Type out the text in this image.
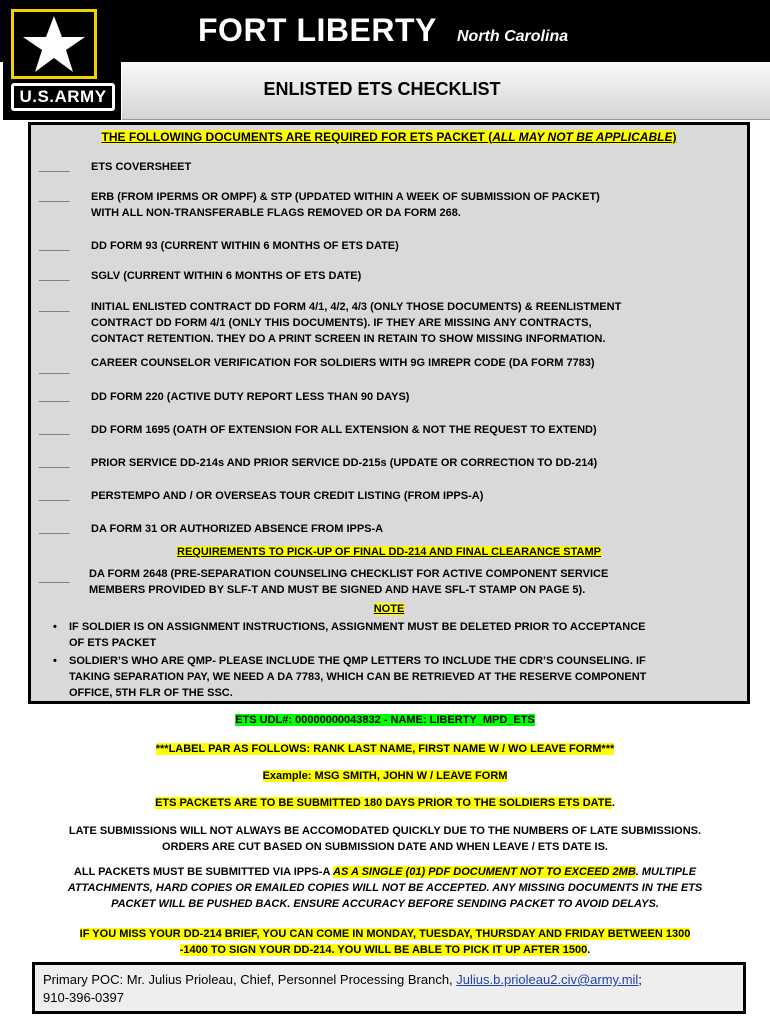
U.S.ARMY
FORT LIBERTY North Carolina
ENLISTED ETS CHECKLIST
THE FOLLOWING DOCUMENTS ARE REQUIRED FOR ETS PACKET (ALL MAY NOT BE APPLICABLE)
_____ ETS COVERSHEET
_____ ERB (FROM IPERMS OR OMPF) & STP (UPDATED WITHIN A WEEK OF SUBMISSION OF PACKET)
WITH ALL NON-TRANSFERABLE FLAGS REMOVED OR DA FORM 268.
_____ DD FORM 93 (CURRENT WITHIN 6 MONTHS OF ETS DATE)
_____ SGLV (CURRENT WITHIN 6 MONTHS OF ETS DATE)
_____ INITIAL ENLISTED CONTRACT DD FORM 4/1, 4/2, 4/3 (ONLY THOSE DOCUMENTS) & REENLISTMENT
CONTRACT DD FORM 4/1 (ONLY THIS DOCUMENTS). IF THEY ARE MISSING ANY CONTRACTS,
CONTACT RETENTION. THEY DO A PRINT SCREEN IN RETAIN TO SHOW MISSING INFORMATION.
_____ CAREER COUNSELOR VERIFICATION FOR SOLDIERS WITH 9G IMREPR CODE (DA FORM 7783)
_____ DD FORM 220 (ACTIVE DUTY REPORT LESS THAN 90 DAYS)
_____ DD FORM 1695 (OATH OF EXTENSION FOR ALL EXTENSION & NOT THE REQUEST TO EXTEND)
_____ PRIOR SERVICE DD-214s AND PRIOR SERVICE DD-215s (UPDATE OR CORRECTION TO DD-214)
_____ PERSTEMPO AND / OR OVERSEAS TOUR CREDIT LISTING (FROM IPPS-A)
_____ DA FORM 31 OR AUTHORIZED ABSENCE FROM IPPS-A
REQUIREMENTS TO PICK-UP OF FINAL DD-214 AND FINAL CLEARANCE STAMP
_____ DA FORM 2648 (PRE-SEPARATION COUNSELING CHECKLIST FOR ACTIVE COMPONENT SERVICE
MEMBERS PROVIDED BY SLF-T AND MUST BE SIGNED AND HAVE SFL-T STAMP ON PAGE 5).
NOTE
• IF SOLDIER IS ON ASSIGNMENT INSTRUCTIONS, ASSIGNMENT MUST BE DELETED PRIOR TO ACCEPTANCE
OF ETS PACKET
• SOLDIER’S WHO ARE QMP- PLEASE INCLUDE THE QMP LETTERS TO INCLUDE THE CDR’S COUNSELING. IF
TAKING SEPARATION PAY, WE NEED A DA 7783, WHICH CAN BE RETRIEVED AT THE RESERVE COMPONENT
OFFICE, 5TH FLR OF THE SSC.
ETS UDL#: 00000000043832 - NAME: LIBERTY_MPD_ETS
***LABEL PAR AS FOLLOWS: RANK LAST NAME, FIRST NAME W / WO LEAVE FORM***
Example: MSG SMITH, JOHN W / LEAVE FORM
ETS PACKETS ARE TO BE SUBMITTED 180 DAYS PRIOR TO THE SOLDIERS ETS DATE.
LATE SUBMISSIONS WILL NOT ALWAYS BE ACCOMODATED QUICKLY DUE TO THE NUMBERS OF LATE SUBMISSIONS.
ORDERS ARE CUT BASED ON SUBMISSION DATE AND WHEN LEAVE / ETS DATE IS.
ALL PACKETS MUST BE SUBMITTED VIA IPPS-A AS A SINGLE (01) PDF DOCUMENT NOT TO EXCEED 2MB. MULTIPLE
ATTACHMENTS, HARD COPIES OR EMAILED COPIES WILL NOT BE ACCEPTED. ANY MISSING DOCUMENTS IN THE ETS
PACKET WILL BE PUSHED BACK. ENSURE ACCURACY BEFORE SENDING PACKET TO AVOID DELAYS.
IF YOU MISS YOUR DD-214 BRIEF, YOU CAN COME IN MONDAY, TUESDAY, THURSDAY AND FRIDAY BETWEEN 1300
-1400 TO SIGN YOUR DD-214. YOU WILL BE ABLE TO PICK IT UP AFTER 1500.
Primary POC: Mr. Julius Prioleau, Chief, Personnel Processing Branch, Julius.b.prioleau2.civ@army.mil;
910-396-0397
